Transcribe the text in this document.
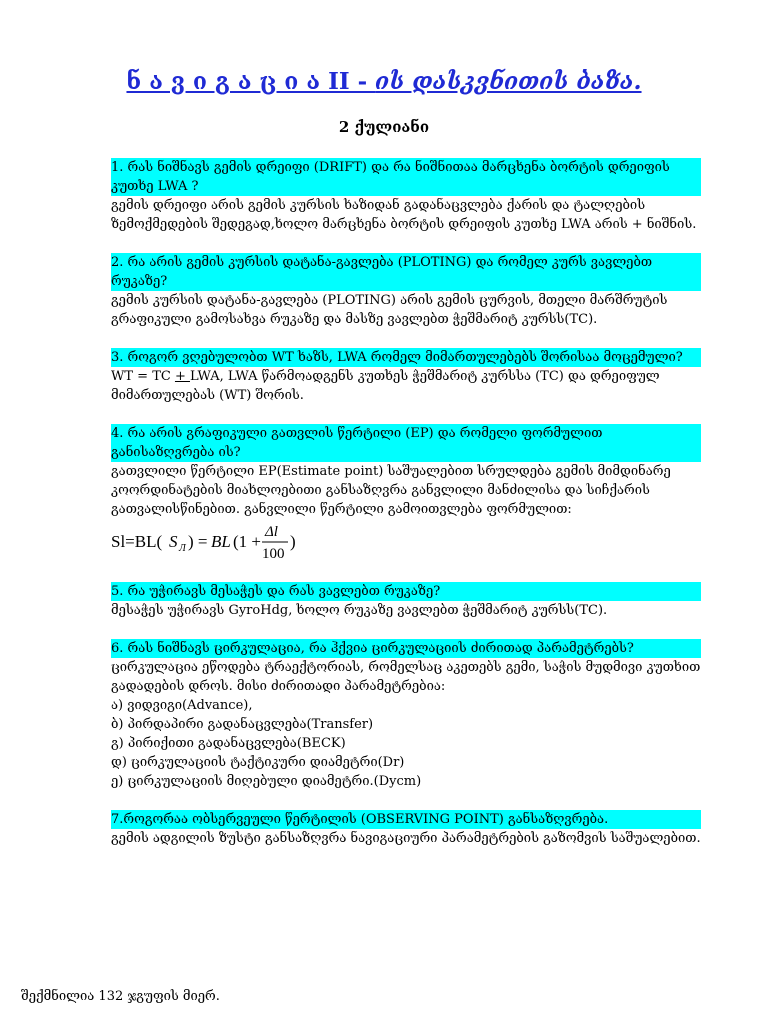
ნ ა ვ ი გ ა ც ი ა II - ის დასკვნითის ბაზა.
2 ქულიანი

1. რას ნიშნავს გემის დრეიფი (DRIFT) და რა ნიშნითაა მარცხენა ბორტის დრეიფის კუთხე LWA ?

გემის დრეიფი არის გემის კურსის ხაზიდან გადანაცვლება ქარის და ტალღების ზემოქმედების შედეგად,ხოლო მარცხენა ბორტის დრეიფის კუთხე LWA არის + ნიშნის.

2. რა არის გემის კურსის დატანა-გავლება (PLOTING) და რომელ კურს ვავლებთ რუკაზე?

გემის კურსის დატანა-გავლება (PLOTING) არის გემის ცურვის, მთელი მარშრუტის გრაფიკული გამოსახვა რუკაზე და მასზე ვავლებთ ჭეშმარიტ კურსს(TC).

3. როგორ ვღებულობთ WT ხაზს, LWA რომელ მიმართულებებს შორისაა მოცემული?

WT = TC + LWA, LWA წარმოადგენს კუთხეს ჭეშმარიტ კურსსა (TC) და დრეიფულ მიმართულებას (WT) შორის.

4. რა არის გრაფიკული გათვლის წერტილი (EP) და რომელი ფორმულით განისაზღვრება ის?

გათვლილი წერტილი EP(Estimate point) საშუალებით სრულდება გემის მიმდინარე კოორდინატების მიახლოებითი განსაზღვრა განვლილი მანძილისა და სიჩქარის გათვალისწინებით. განვლილი წერტილი გამოითვლება ფორმულით:

Sl=BL( S Л ) = BL (1 + Δl
100
)

5. რა უჭირავს მესაჭეს და რას ვავლებთ რუკაზე?

მესაჭეს უჭირავს GyroHdg, ხოლო რუკაზე ვავლებთ ჭეშმარიტ კურსს(TC).

6. რას ნიშნავს ცირკულაცია, რა ჰქვია ცირკულაციის ძირითად პარამეტრებს?

ცირკულაცია ეწოდება ტრაექტორიას, რომელსაც აკეთებს გემი, საჭის მუდმივი კუთხით გადადების დროს. მისი ძირითადი პარამეტრებია:

ა) ვიდვიგი(Advance),

ბ) პირდაპირი გადანაცვლება(Transfer)

გ) პირიქითი გადანაცვლება(BECK)

დ) ცირკულაციის ტაქტიკური დიამეტრი(Dr)

ე) ცირკულაციის მიღებული დიამეტრი.(Dycm)

7.როგორაა ობსერვეული წერტილის (OBSERVING POINT) განსაზღვრება.

გემის ადგილის ზუსტი განსაზღვრა ნავიგაციური პარამეტრების გაზომვის საშუალებით.

შექმნილია 132 ჯგუფის მიერ.
